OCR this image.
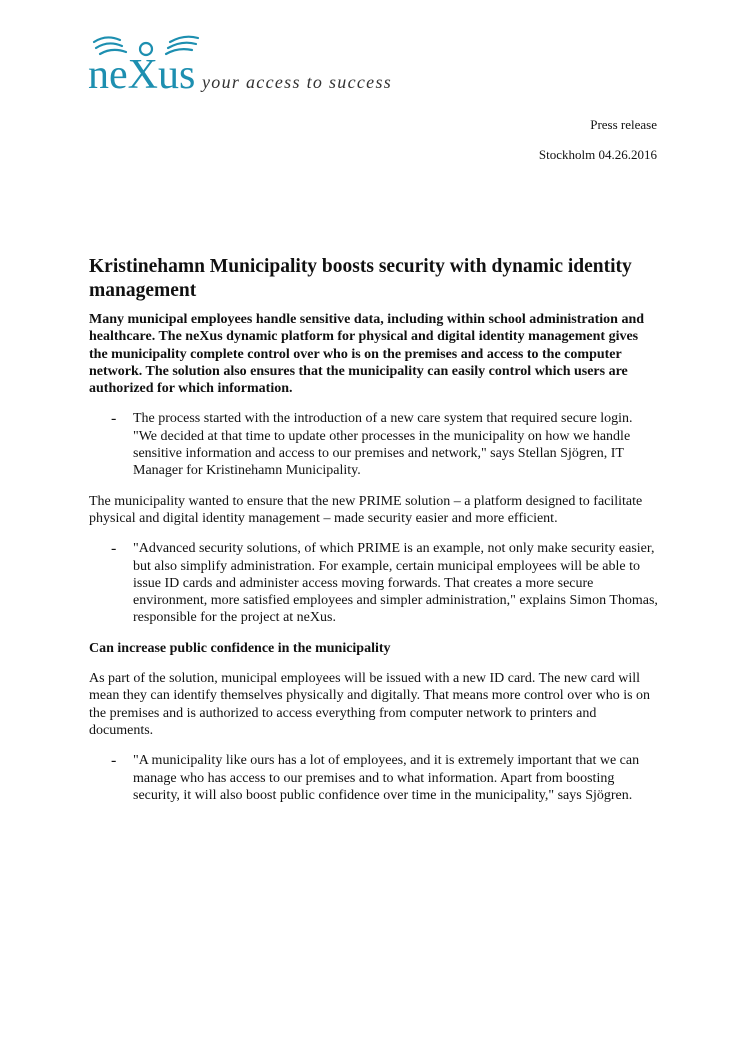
neXus your access to success
Press release
Stockholm 04.26.2016
Kristinehamn Municipality boosts security with dynamic identity management

Many municipal employees handle sensitive data, including within school administration and healthcare. The neXus dynamic platform for physical and digital identity management gives the municipality complete control over who is on the premises and access to the computer network. The solution also ensures that the municipality can easily control which users are authorized for which information.

- The process started with the introduction of a new care system that required secure login. "We decided at that time to update other processes in the municipality on how we handle sensitive information and access to our premises and network," says Stellan Sjögren, IT Manager for Kristinehamn Municipality.

The municipality wanted to ensure that the new PRIME solution – a platform designed to facilitate physical and digital identity management – made security easier and more efficient.

- "Advanced security solutions, of which PRIME is an example, not only make security easier, but also simplify administration. For example, certain municipal employees will be able to issue ID cards and administer access moving forwards. That creates a more secure environment, more satisfied employees and simpler administration," explains Simon Thomas, responsible for the project at neXus.

Can increase public confidence in the municipality

As part of the solution, municipal employees will be issued with a new ID card. The new card will mean they can identify themselves physically and digitally. That means more control over who is on the premises and is authorized to access everything from computer network to printers and documents.

- "A municipality like ours has a lot of employees, and it is extremely important that we can manage who has access to our premises and to what information. Apart from boosting security, it will also boost public confidence over time in the municipality," says Sjögren.
